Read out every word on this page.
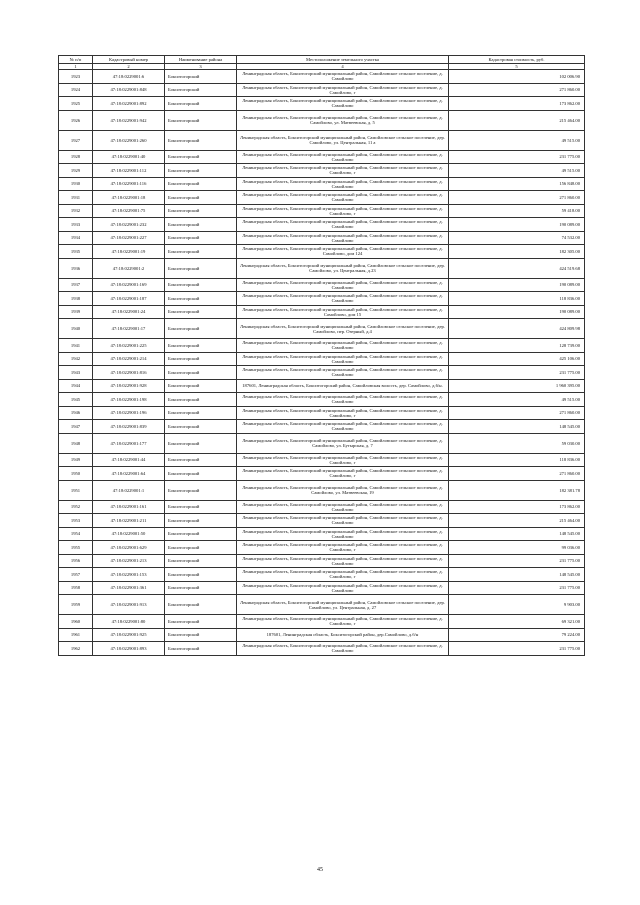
№ п/п	Кадастровый номер	Наименование района	Местоположение земельного участка	Кадастровая стоимость, руб.
1	2	3	4	5
1923	47:18:0229001:6	Бокситогорский	Ленинградская область, Бокситогорский муниципальный район, Самойловское сельское поселение, д. Самойлово	102 006.90
1924	47:18:0229001:848	Бокситогорский	Ленинградская область, Бокситогорский муниципальный район, Самойловское сельское поселение, д. Самойлово, г	271 860.00
1925	47:18:0229001:892	Бокситогорский	Ленинградская область, Бокситогорский муниципальный район, Самойловское сельское поселение, д. Самойлово	173 862.00
1926	47:18:0229001:942	Бокситогорский	Ленинградская область, Бокситогорский муниципальный район, Самойловское сельское поселение, д. Самойлово, ул. Матвеевская, д. 5	215 464.00
1927	47:18:0229001:260	Бокситогорский	Ленинградская область, Бокситогорский муниципальный район, Самойловское сельское поселение, дер. Самойлово, ул. Центральная, 11 а	49 515.00
1928	47:18:0229001:40	Бокситогорский	Ленинградская область, Бокситогорский муниципальный район, Самойловское сельское поселение, д. Самойлово	231 775.00
1929	47:18:0229001:112	Бокситогорский	Ленинградская область, Бокситогорский муниципальный район, Самойловское сельское поселение, д. Самойлово, г	49 515.00
1930	47:18:0229001:116	Бокситогорский	Ленинградская область, Бокситогорский муниципальный район, Самойловское сельское поселение, д. Самойлово	156 848.00
1931	47:18:0229001:18	Бокситогорский	Ленинградская область, Бокситогорский муниципальный район, Самойловское сельское поселение, д. Самойлово	271 860.00
1932	47:18:0229001:75	Бокситогорский	Ленинградская область, Бокситогорский муниципальный район, Самойловское сельское поселение, д. Самойлово, г	59 418.00
1933	47:18:0229001:232	Бокситогорский	Ленинградская область, Бокситогорский муниципальный район, Самойловское сельское поселение, д. Самойлово	190 089.00
1934	47:18:0229001:227	Бокситогорский	Ленинградская область, Бокситогорский муниципальный район, Самойловское сельское поселение, д. Самойлово	74 532.00
1935	47:18:0229001:19	Бокситогорский	Ленинградская область, Бокситогорский муниципальный район, Самойловское сельское поселение, д. Самойлово, дом 124	182 305.00
1936	47:18:0229001:2	Бокситогорский	Ленинградская область, Бокситогорский муниципальный район, Самойловское сельское поселение, дер. Самойлово, ул. Центральная, д.23	424 519.68
1937	47:18:0229001:169	Бокситогорский	Ленинградская область, Бокситогорский муниципальный район, Самойловское сельское поселение, д. Самойлово	190 089.00
1938	47:18:0229001:187	Бокситогорский	Ленинградская область, Бокситогорский муниципальный район, Самойловское сельское поселение, д. Самойлово	118 836.00
1939	47:18:0229001:24	Бокситогорский	Ленинградская область, Бокситогорский муниципальный район, Самойловское сельское поселение, д. Самойлово, дом 15	190 089.00
1940	47:18:0229001:17	Бокситогорский	Ленинградская область, Бокситогорский муниципальный район, Самойловское сельское поселение, дер. Самойлово, пер. Озерный, д.4	424 809.98
1941	47:18:0229001:225	Бокситогорский	Ленинградская область, Бокситогорский муниципальный район, Самойловское сельское поселение, д. Самойлово	128 739.00
1942	47:18:0229001:214	Бокситогорский	Ленинградская область, Бокситогорский муниципальный район, Самойловское сельское поселение, д. Самойлово	425 106.00
1943	47:18:0229001:816	Бокситогорский	Ленинградская область, Бокситогорский муниципальный район, Самойловское сельское поселение, д. Самойлово	231 775.00
1944	47:18:0229001:928	Бокситогорский	187601, Ленинградская область, Бокситогорский район, Самойловская волость, дер. Самойлово, д.6/н.	1 960 395.00
1945	47:18:0229001:198	Бокситогорский	Ленинградская область, Бокситогорский муниципальный район, Самойловское сельское поселение, д. Самойлово	49 515.00
1946	47:18:0229001:196	Бокситогорский	Ленинградская область, Бокситогорский муниципальный район, Самойловское сельское поселение, д. Самойлово, г	271 860.00
1947	47:18:0229001:839	Бокситогорский	Ленинградская область, Бокситогорский муниципальный район, Самойловское сельское поселение, д. Самойлово	148 545.00
1948	47:18:0229001:177	Бокситогорский	Ленинградская область, Бокситогорский муниципальный район, Самойловское сельское поселение, д. Самойлово, ул. Бутырская, д. 7	59 030.00
1949	47:18:0229001:44	Бокситогорский	Ленинградская область, Бокситогорский муниципальный район, Самойловское сельское поселение, д. Самойлово, г	118 836.00
1950	47:18:0229001:64	Бокситогорский	Ленинградская область, Бокситогорский муниципальный район, Самойловское сельское поселение, д. Самойлово, г	271 860.00
1951	47:18:0229001:1	Бокситогорский	Ленинградская область, Бокситогорский муниципальный район, Самойловское сельское поселение, д. Самойлово, ул. Матвеевская, 19	182 381.78
1952	47:18:0229001:161	Бокситогорский	Ленинградская область, Бокситогорский муниципальный район, Самойловское сельское поселение, д. Самойлово	173 862.00
1953	47:18:0229001:211	Бокситогорский	Ленинградская область, Бокситогорский муниципальный район, Самойловское сельское поселение, д. Самойлово	215 464.00
1954	47:18:0229001:50	Бокситогорский	Ленинградская область, Бокситогорский муниципальный район, Самойловское сельское поселение, д. Самойлово	148 545.00
1955	47:18:0229001:629	Бокситогорский	Ленинградская область, Бокситогорский муниципальный район, Самойловское сельское поселение, д. Самойлово, г	99 036.00
1956	47:18:0229001:213	Бокситогорский	Ленинградская область, Бокситогорский муниципальный район, Самойловское сельское поселение, д. Самойлово	231 775.00
1957	47:18:0229001:153	Бокситогорский	Ленинградская область, Бокситогорский муниципальный район, Самойловское сельское поселение, д. Самойлово, г	148 545.00
1958	47:18:0229001:361	Бокситогорский	Ленинградская область, Бокситогорский муниципальный район, Самойловское сельское поселение, д. Самойлово	231 775.00
1959	47:18:0229001:913	Бокситогорский	Ленинградская область, Бокситогорский муниципальный район, Самойловское сельское поселение, дер. Самойлово, ул. Центральная, д. 27	9 903.00
1960	47:18:0229001:80	Бокситогорский	Ленинградская область, Бокситогорский муниципальный район, Самойловское сельское поселение, д. Самойлово, г	69 321.00
1961	47:18:0229001:925	Бокситогорский	187601, Ленинградская область, Бокситогорский район, дер.Самойлово, д.б/н	79 224.00
1962	47:18:0229001:893	Бокситогорский	Ленинградская область, Бокситогорский муниципальный район, Самойловское сельское поселение, д. Самойлово	231 775.00
45
